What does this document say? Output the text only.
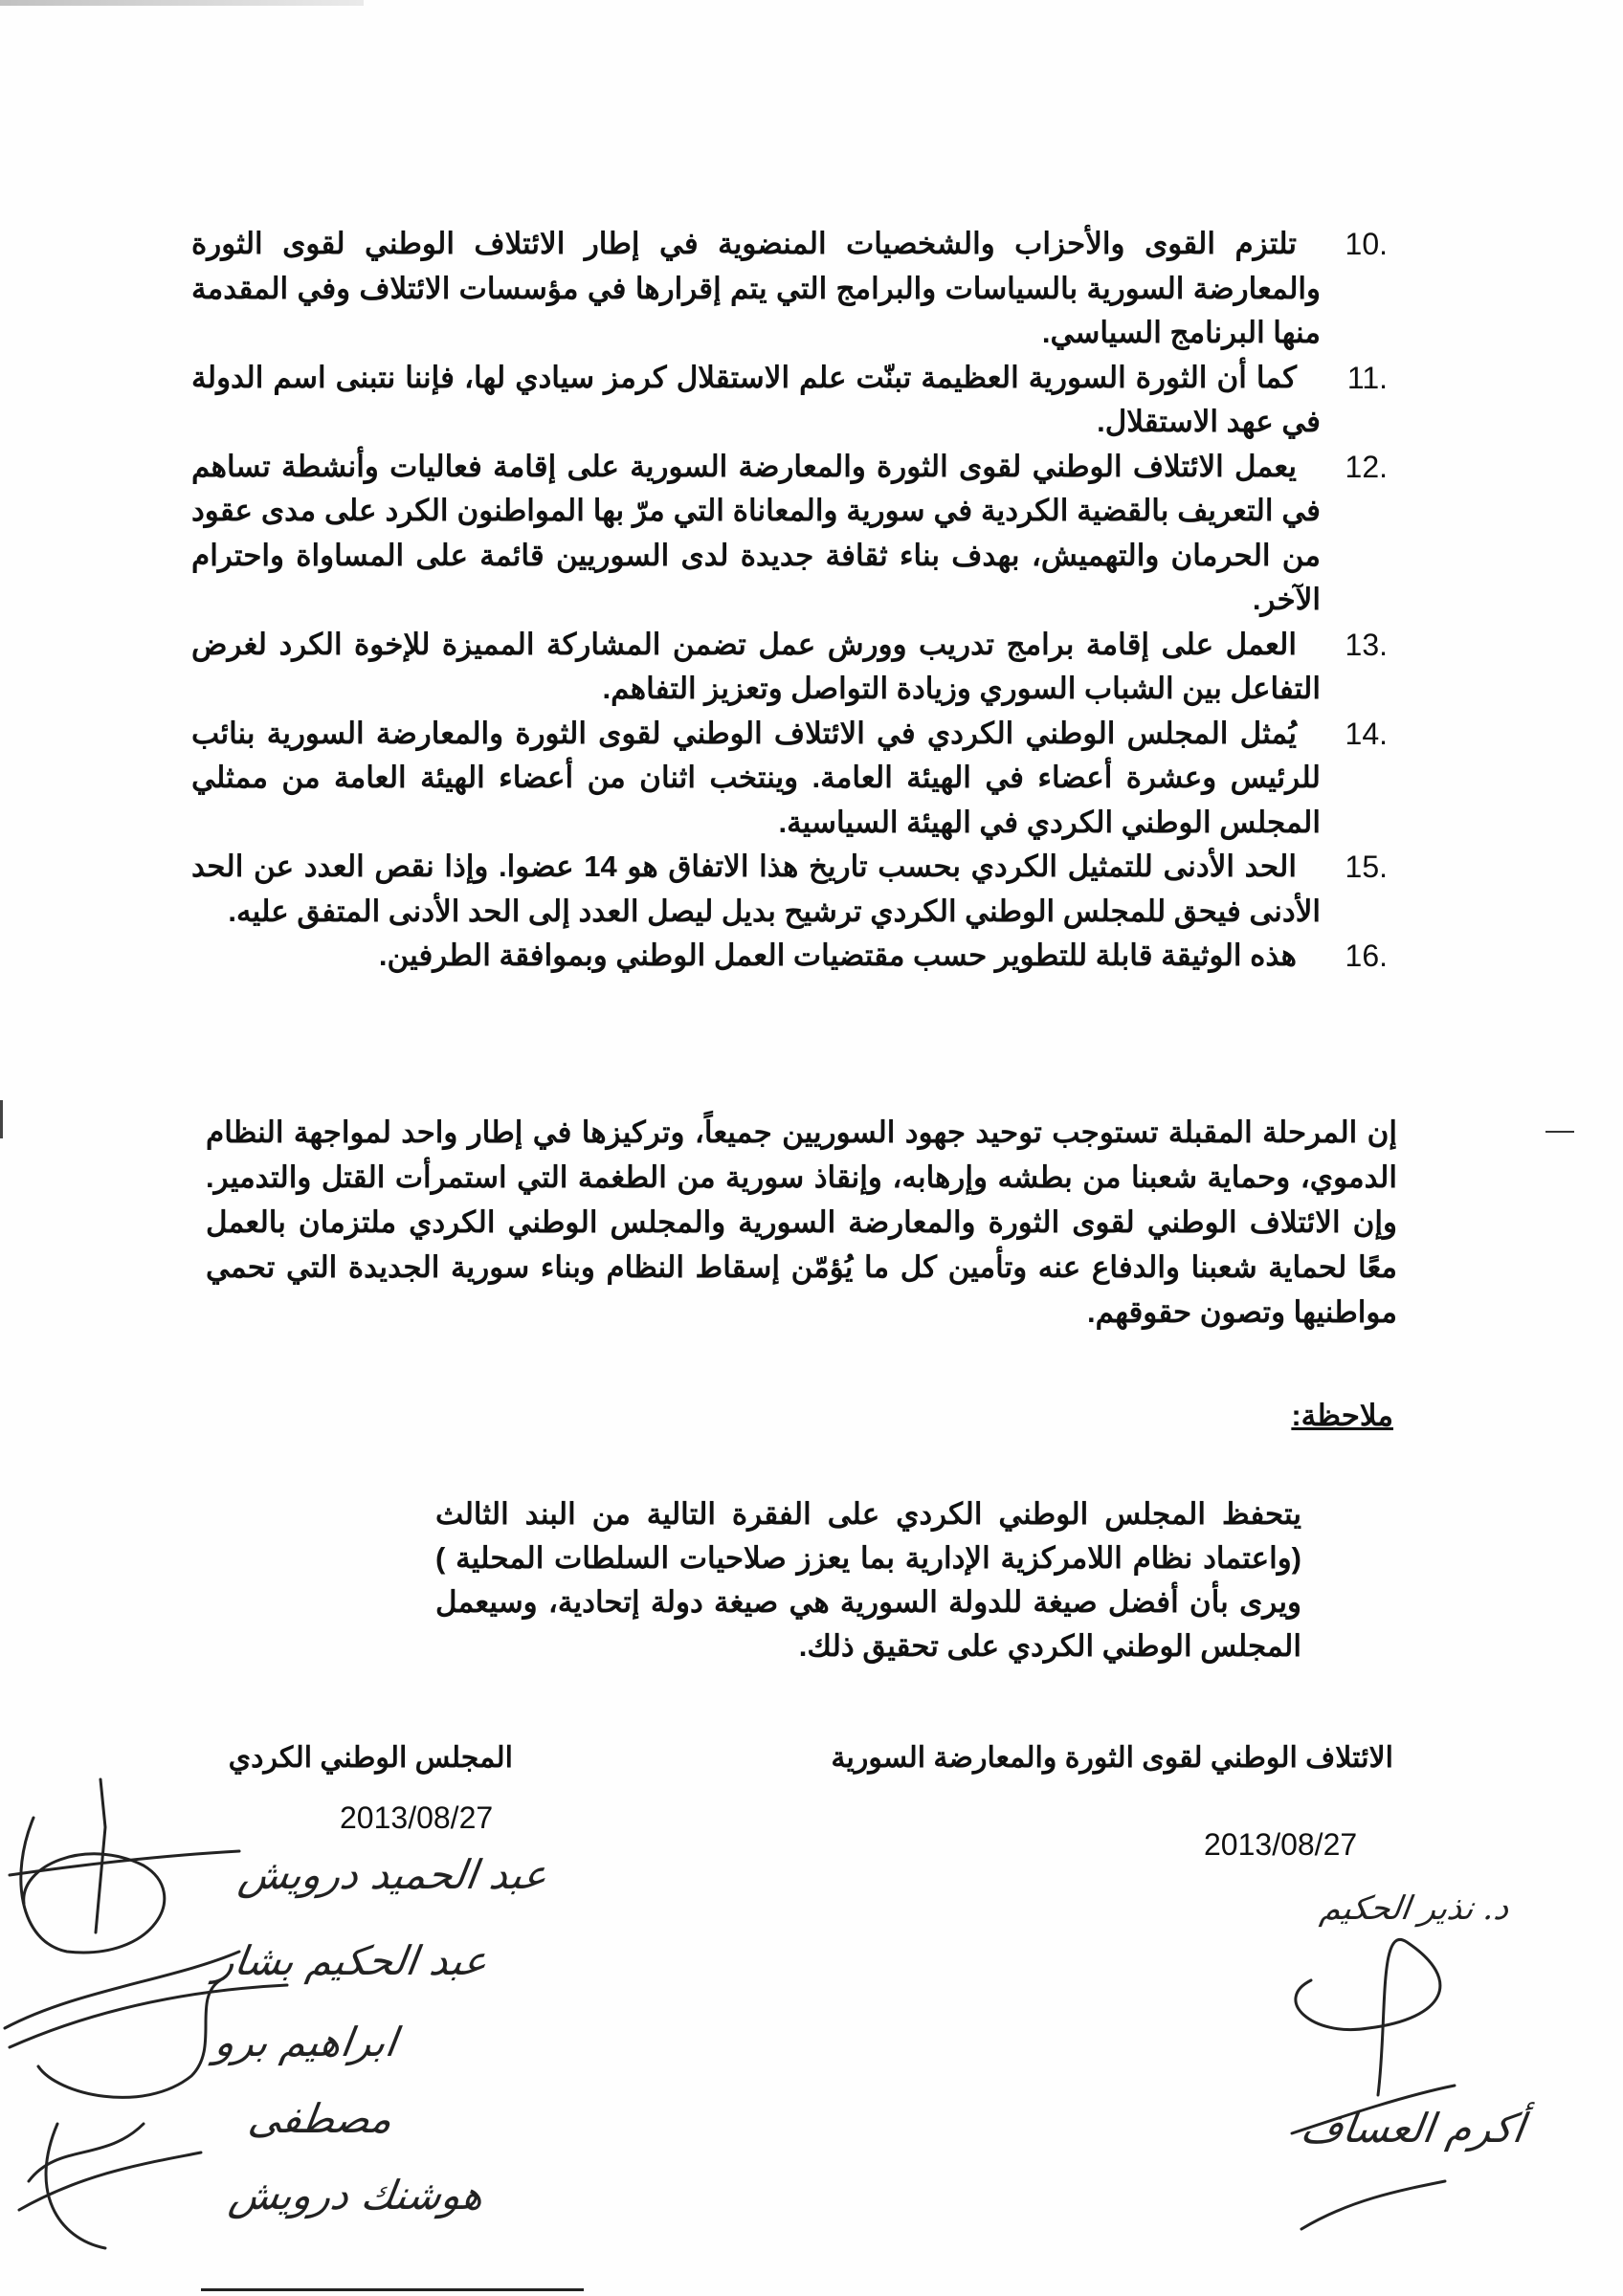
10.
تلتزم القوى والأحزاب والشخصيات المنضوية في إطار الائتلاف الوطني لقوى الثورة والمعارضة السورية بالسياسات والبرامج التي يتم إقرارها في مؤسسات الائتلاف وفي المقدمة منها البرنامج السياسي.
11.
كما أن الثورة السورية العظيمة تبنّت علم الاستقلال كرمز سيادي لها، فإننا نتبنى اسم الدولة في عهد الاستقلال.
12.
يعمل الائتلاف الوطني لقوى الثورة والمعارضة السورية على إقامة فعاليات وأنشطة تساهم في التعريف بالقضية الكردية في سورية والمعاناة التي مرّ بها المواطنون الكرد على مدى عقود من الحرمان والتهميش، بهدف بناء ثقافة جديدة لدى السوريين قائمة على المساواة واحترام الآخر.
13.
العمل على إقامة برامج تدريب وورش عمل تضمن المشاركة المميزة للإخوة الكرد لغرض التفاعل بين الشباب السوري وزيادة التواصل وتعزيز التفاهم.
14.
يُمثل المجلس الوطني الكردي في الائتلاف الوطني لقوى الثورة والمعارضة السورية بنائب للرئيس وعشرة أعضاء في الهيئة العامة. وينتخب اثنان من أعضاء الهيئة العامة من ممثلي المجلس الوطني الكردي في الهيئة السياسية.
15.
الحد الأدنى للتمثيل الكردي بحسب تاريخ هذا الاتفاق هو 14 عضوا. وإذا نقص العدد عن الحد الأدنى فيحق للمجلس الوطني الكردي ترشيح بديل ليصل العدد إلى الحد الأدنى المتفق عليه.
16.
هذه الوثيقة قابلة للتطوير حسب مقتضيات العمل الوطني وبموافقة الطرفين.
إن المرحلة المقبلة تستوجب توحيد جهود السوريين جميعاً، وتركيزها في إطار واحد لمواجهة النظام الدموي، وحماية شعبنا من بطشه وإرهابه، وإنقاذ سورية من الطغمة التي استمرأت القتل والتدمير. وإن الائتلاف الوطني لقوى الثورة والمعارضة السورية والمجلس الوطني الكردي ملتزمان بالعمل معًا لحماية شعبنا والدفاع عنه وتأمين كل ما يُؤمّن إسقاط النظام وبناء سورية الجديدة التي تحمي مواطنيها وتصون حقوقهم.
ملاحظة:
يتحفظ المجلس الوطني الكردي على الفقرة التالية من البند الثالث (واعتماد نظام اللامركزية الإدارية بما يعزز صلاحيات السلطات المحلية ) ويرى بأن أفضل صيغة للدولة السورية هي صيغة دولة إتحادية، وسيعمل المجلس الوطني الكردي على تحقيق ذلك.
المجلس الوطني الكردي	الائتلاف الوطني لقوى الثورة والمعارضة السورية
2013/08/27
2013/08/27
عبد الحميد درويش
عبد الحكيم بشار
ابراهيم برو
مصطفى
هوشنك درويش
د. نذير الحكيم
أكرم العساف
